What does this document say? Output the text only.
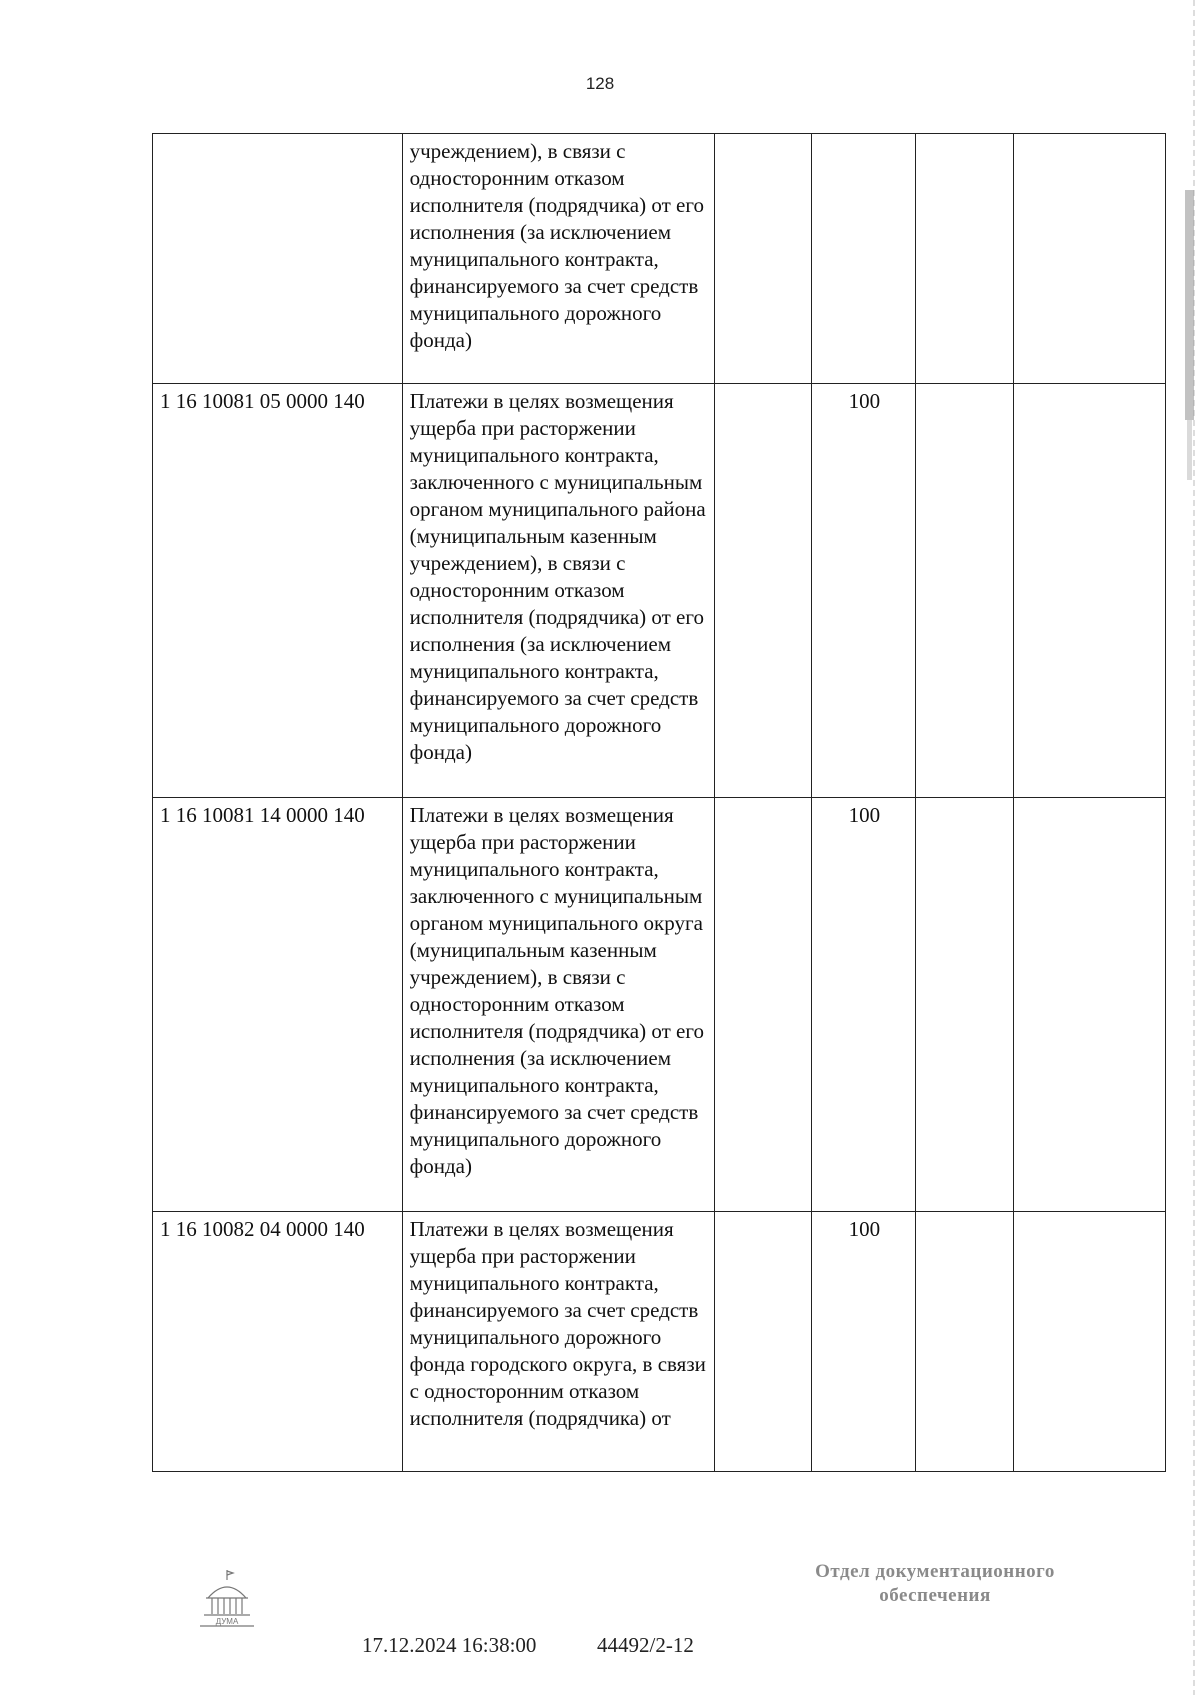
128
	учреждением), в связи с односторонним отказом исполнителя (подрядчика) от его исполнения (за исключением муниципального контракта, финансируемого за счет средств муниципального дорожного фонда)				
1 16 10081 05 0000 140	Платежи в целях возмещения ущерба при расторжении муниципального контракта, заключенного с муниципальным органом муниципального района (муниципальным казенным учреждением), в связи с односторонним отказом исполнителя (подрядчика) от его исполнения (за исключением муниципального контракта, финансируемого за счет средств муниципального дорожного фонда)		100		
1 16 10081 14 0000 140	Платежи в целях возмещения ущерба при расторжении муниципального контракта, заключенного с муниципальным органом муниципального округа (муниципальным казенным учреждением), в связи с односторонним отказом исполнителя (подрядчика) от его исполнения (за исключением муниципального контракта, финансируемого за счет средств муниципального дорожного фонда)		100		
1 16 10082 04 0000 140	Платежи в целях возмещения ущерба при расторжении муниципального контракта, финансируемого за счет средств муниципального дорожного фонда городского округа, в связи с односторонним отказом исполнителя (подрядчика) от		100		
ДУМА
17.12.2024 16:38:00	44492/2-12
Отдел документационного
обеспечения
